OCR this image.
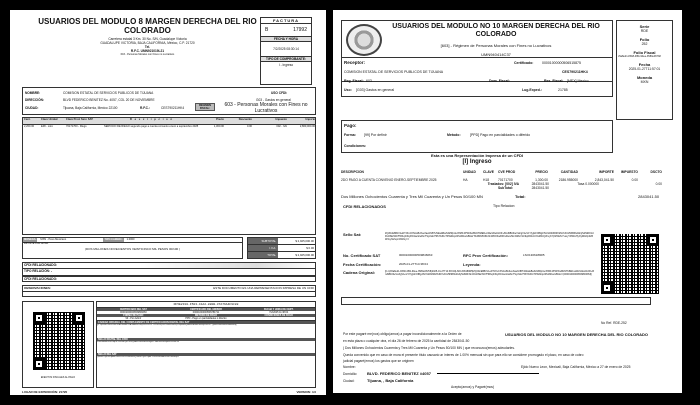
USUARIOS DEL MODULO 8 MARGEN DERECHA DEL RIO COLORADO
Carretera estatal 3 Km. 30 No. S/N, Guadalupe Victoria
GUADALUPE VICTORIA, BAJA CALIFORNIA, México, C.P. 21720
Tel.
R.F.C. UMN921019L21
603 - Personas Morales con Fines no Lucrativos
FACTURA
B	17992
FECHA Y HORA
7/2/2025 08:30:14
TIPO DE COMPROBANTE:
I - Ingreso
NOMBRE:	COMISION ESTATAL DE SERVICIOS PUBLICOS DE TIJUANA
DIRECCIÓN:	BLVD FEDERICO BENITEZ No. 4057, COL 20 DE NOVIEMBRE
CIUDAD:	Tijuana, Baja California, Mexico 22100	R.F.C.:	CES790211HK4
REGIMEN FISCAL:
USO CFDI:
G03 - Gastos en general
603 - Personas Morales con Fines no Lucrativos
Cant.	Clave Unidad	Clave Prod. Serv. SAT	D e s c r i p c i o n	Precio	Descuento	Impuesto	Importe
2,200.00	E48 - Litro	70171700 - Riego	SERVICIO DE RIEGO segundo pago a cuenta convenio enero a septiembre 2025	1,300.00	0.00	002 - IVA	2,860,000.00
MONEDA:	MXN - Peso Mexicano	TIPO CAMBIO:	1.0000
IMPORTE CON LETRA
(DOS MILLONES NOVECIENTOS VEINTICINCO MIL PESOS 00/100 )
SUBTOTAL	$ 2,925,000.00
I.V.A.	$ 0.00
TOTAL	$ 2,925,000.00
CFDI RELACIONADO:
TIPO RELACIÓN: -
CFDI RELACIONADO:
OBSERVACIONES:	ESTE DOCUMENTO ES UNA REPRESENTACION IMPRESA DE UN CFDI
EFECTOS FISCALES AL PAGO
DF5E2310-F503-41A2-880B-37A76A4F9C88
CERTIFICADO DEL SAT	CERTIFICADO DEL EMISOR	FECHA Y HORA DE CERT.
00001000000509846663	00001000000506784711	7/2/2025 11:38:04
FORMA DE PAGO	METODO DE PAGO	CONDICIONES DE PAGO
99 - Por definir	PPD - Pago en parcialidades o diferido
CADENA ORIGINAL DEL COMPLEMENTO DE CERTIFICACION DIGITAL DEL SAT
||1.1|DF5E2310-F503-41A2-880B-37A76A4F9C88|2025-02-07T11:38:04|LSO1306189R5|kY3pwM5QxBzU0dGwR1eDcp+r8P2c...||00001000000509846663||
SELLO DIGITAL DEL CFDI
ZmXn8Hf0cG3k9JqLvP2W1sE+yR7tUaQdBoV5NcMiK8xZ4gFh...AsDfGhJkLqWeRtYuIoP==
SELLO DEL SAT
Qw3ErT6yUi9OpAsD2fGhJ+kLzXcVbNm5Q1wE4rTyU7iOpA...Lk8JhGfDsA0PoIuYtReWq==
LUGAR DE EXPEDICIÓN: 21720	VERSION: 4.0
USUARIOS DEL MODULO NO 10 MARGEN DERECHA DEL RIO COLORADO
[603] - Régimen de Personas Morales con Fines no Lucrativos
UMN940414C37
Certificado: 00001000000506515875
Receptor:
COMISION ESTATAL DE SERVICIOS PUBLICOS DE TIJUANA	CES790211HK4
Reg. Fiscal: 603	Dom. Fiscal:	Res. Fiscal: [MEX] Mexico
Uso: [G03] Gastos en general	Lug.Exped.:	21785
Pago:
Forma: [99] Por definir	Metodo:	[PPD] Pago en parcialidades o diferido
Condiciones:
Serie
RDE
Folio
252
Folio Fiscal
c5a8e21-83b8-4f6b-90ee-3580e067b8
Fecha
2025-01-27T11:57:01
Moneda
MXN
Esta es una Representación Impresa de un CFDI
[I] Ingreso
DESCRIPCION	UNIDAD	CLAVE	CVE PROD	PRECIO	CANTIDAD	IMPORTE	IMPUESTO	DSCTO
2DO PAGO A CUENTA CONVENIO ENERO-SEPTIEMBRE 2025	HA	H18	70171700	1,300.00	2186.955000	2,843,041.50	0.00
Traslados: [002] IVA	2843041.50	Tasa 0.000000	0.00
SubTotal:	2843041.50
Dos Millones Ochocientos Cuarenta y Tres Mil Cuarenta y Un Pesos 50/100 MN	Total:	2843041.50
CFDI RELACIONADOS	Tipo Relacion:
Sello Sat:	ZQzDcE8B1V1eDTJKvCXSGxBv6veXaw1NBTvNEwkBsZx9ZRpUe/XfMFJ/PWrKw8M1Tb8ED+kWeVAlwCkOF+Bnd9BClbeVwhgV1eV1YfyjGFOlBgJ3VzGDbl3RZXdNVvKCZ9hB3bdGhj/SdN9FNnzRU2SE7kD7HRfupfr3LjPdrGw4cwfbnTSyzGEY5Pv5UDvTF5kbFqcl0S1MlxuGBGkrTFxB4M5z6F/rlnWDOKwRFbvDscvMzJ2MvV1z3kpPd4nCXGMrfvQzFvyhYpSHd2UYvsxyYRWmHyOyDD2rpbzBW4xyhGhqcrJbNbry==
No. Certificado SAT	00001000000509846663	RFC Prov Certificación:	LSO1306189R5
Fecha Certificación:	2025-01-27T14:38:04	Leyenda:
Cadena Original:	||1.1|b5a8e21-83b8-4f6b-90ee-3580e067b8|2025-01-27T14:38:04|LSO1306189R5|ZQzDcE8B1V1eDTJKvCXSGxBv6veXaw1NBTvNEwkBsZx9ZRpUe/XfMFJ/PWrKw8M1Tb8ED+kWeVAlwCkOF+Bnd9BClbeVwhgV1eV1YfyjGFOlBgJ3VzGDbl3RZXdNVvKCZ9hB3bdGhj/SdN9FNnzRU2SE7kD7HRfupfr3LjPdrGw4cwfbnTSyzGEY5Pv5UDvTF5kbFqcl0S1MlxuGBGk==|00001000000509846663||
No Ref. RDE-252
Por este pagaré me(nos) obligo(amos) a pagar incondicionalmente a la Orden de	USUARIOS DEL MODULO NO 10 MARGEN DERECHA DEL RIO COLORADO
en esta plaza o cualquier otra, el día 26 de febrero de 2025 la cantidad de 2843041.50
( Dos Millones Ochocientos Cuarenta y Tres Mil Cuarenta y Un Pesos 50/100 MN ) que reconozco(emos) adeudarles.
Queda convenido que en caso de mora el presente título causará un interes de 1.00% mensual sin que para ello se considere prorrogado el plazo, en caso de cobro
judicial pagaré(emos) los gastos que se originen
Nombre:	Ejido Nuevo Leon, Mexicali, Baja California, México a 27 de enero de 2025
Domicilio: BLVD. FEDERICO BENITEZ #4057
Ciudad:	Tijuana, , Baja California
Acepto(amos) y Pagaré(mos)
